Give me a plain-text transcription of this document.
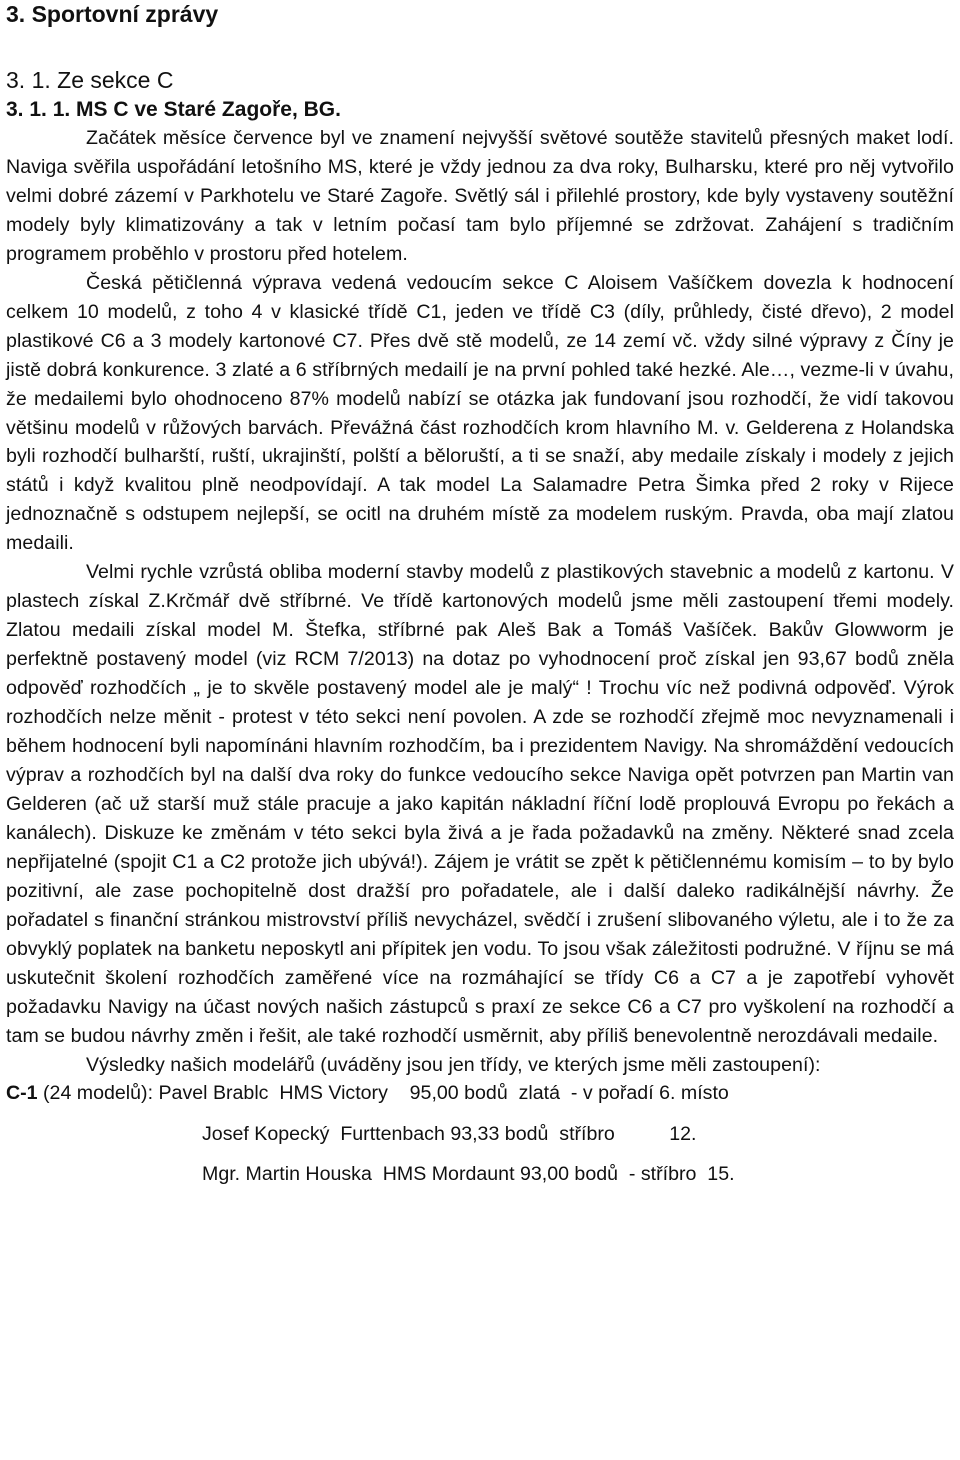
3. Sportovní zprávy
3. 1. Ze sekce C
3. 1. 1. MS C ve Staré Zagoře, BG.

Začátek měsíce července byl ve znamení nejvyšší světové soutěže stavitelů přesných maket lodí. Naviga svěřila uspořádání letošního MS, které je vždy jednou za dva roky, Bulharsku, které pro něj vytvořilo velmi dobré zázemí v Parkhotelu ve Staré Zagoře. Světlý sál i přilehlé prostory, kde byly vystaveny soutěžní modely byly klimatizovány a tak v letním počasí tam bylo příjemné se zdržovat. Zahájení s tradičním programem proběhlo v prostoru před hotelem.

Česká pětičlenná výprava vedená vedoucím sekce C Aloisem Vašíčkem dovezla k hodnocení celkem 10 modelů, z toho 4 v klasické třídě C1, jeden ve třídě C3 (díly, průhledy, čisté dřevo), 2 model plastikové C6 a 3 modely kartonové C7. Přes dvě stě modelů, ze 14 zemí vč. vždy silné výpravy z Číny je jistě dobrá konkurence. 3 zlaté a 6 stříbrných medailí je na první pohled také hezké. Ale…, vezme-li v úvahu, že medailemi bylo ohodnoceno 87% modelů nabízí se otázka jak fundovaní jsou rozhodčí, že vidí takovou většinu modelů v růžových barvách. Převážná část rozhodčích krom hlavního M. v. Gelderena z Holandska byli rozhodčí bulharští, ruští, ukrajinští, polští a běloruští, a ti se snaží, aby medaile získaly i modely z jejich států i když kvalitou plně neodpovídají. A tak model La Salamadre Petra Šimka před 2 roky v Rijece jednoznačně s odstupem nejlepší, se ocitl na druhém místě za modelem ruským. Pravda, oba mají zlatou medaili.

Velmi rychle vzrůstá obliba moderní stavby modelů z plastikových stavebnic a modelů z kartonu. V plastech získal Z.Krčmář dvě stříbrné. Ve třídě kartonových modelů jsme měli zastoupení třemi modely. Zlatou medaili získal model M. Štefka, stříbrné pak Aleš Bak a Tomáš Vašíček. Bakův Glowworm je perfektně postavený model (viz RCM 7/2013) na dotaz po vyhodnocení proč získal jen 93,67 bodů zněla odpověď rozhodčích „ je to skvěle postavený model ale je malý“ ! Trochu víc než podivná odpověď. Výrok rozhodčích nelze měnit - protest v této sekci není povolen. A zde se rozhodčí zřejmě moc nevyznamenali i během hodnocení byli napomínáni hlavním rozhodčím, ba i prezidentem Navigy. Na shromáždění vedoucích výprav a rozhodčích byl na další dva roky do funkce vedoucího sekce Naviga opět potvrzen pan Martin van Gelderen (ač už starší muž stále pracuje a jako kapitán nákladní říční lodě proplouvá Evropu po řekách a kanálech). Diskuze ke změnám v této sekci byla živá a je řada požadavků na změny. Některé snad zcela nepřijatelné (spojit C1 a C2 protože jich ubývá!). Zájem je vrátit se zpět k pětičlennému komisím – to by bylo pozitivní, ale zase pochopitelně dost dražší pro pořadatele, ale i další daleko radikálnější návrhy. Že pořadatel s finanční stránkou mistrovství příliš nevycházel, svědčí i zrušení slibovaného výletu, ale i to že za obvyklý poplatek na banketu neposkytl ani přípitek jen vodu. To jsou však záležitosti podružné. V říjnu se má uskutečnit školení rozhodčích zaměřené více na rozmáhající se třídy C6 a C7 a je zapotřebí vyhovět požadavku Navigy na účast nových našich zástupců s praxí ze sekce C6 a C7 pro vyškolení na rozhodčí a tam se budou návrhy změn i řešit, ale také rozhodčí usměrnit, aby příliš benevolentně nerozdávali medaile.

Výsledky našich modelářů (uváděny jsou jen třídy, ve kterých jsme měli zastoupení):

C-1 (24 modelů): Pavel Brablc  HMS Victory    95,00 bodů  zlatá  - v pořadí 6. místo

Josef Kopecký  Furttenbach 93,33 bodů  stříbro          12.

Mgr. Martin Houska  HMS Mordaunt 93,00 bodů  - stříbro  15.
